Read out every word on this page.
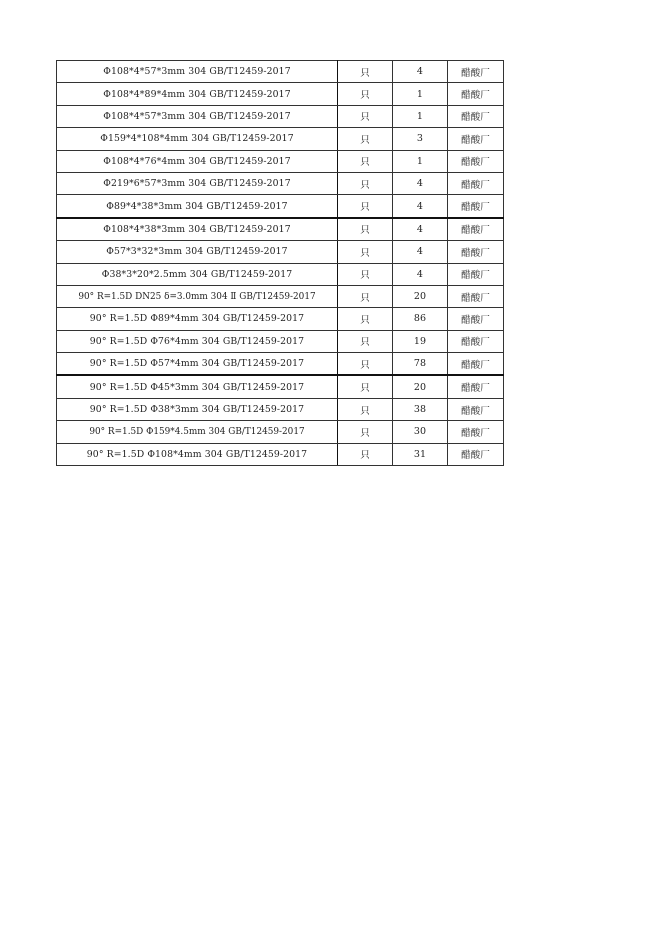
Φ108*4*57*3mm 304 GB/T12459-2017	只	4	醋酸厂
Φ108*4*89*4mm 304 GB/T12459-2017	只	1	醋酸厂
Φ108*4*57*3mm 304 GB/T12459-2017	只	1	醋酸厂
Φ159*4*108*4mm 304 GB/T12459-2017	只	3	醋酸厂
Φ108*4*76*4mm 304 GB/T12459-2017	只	1	醋酸厂
Φ219*6*57*3mm 304 GB/T12459-2017	只	4	醋酸厂
Φ89*4*38*3mm 304 GB/T12459-2017	只	4	醋酸厂
Φ108*4*38*3mm 304 GB/T12459-2017	只	4	醋酸厂
Φ57*3*32*3mm 304 GB/T12459-2017	只	4	醋酸厂
Φ38*3*20*2.5mm 304 GB/T12459-2017	只	4	醋酸厂
90° R=1.5D DN25 δ=3.0mm 304 Ⅱ GB/T12459-2017	只	20	醋酸厂
90° R=1.5D Φ89*4mm 304 GB/T12459-2017	只	86	醋酸厂
90° R=1.5D Φ76*4mm 304 GB/T12459-2017	只	19	醋酸厂
90° R=1.5D Φ57*4mm 304 GB/T12459-2017	只	78	醋酸厂
90° R=1.5D Φ45*3mm 304 GB/T12459-2017	只	20	醋酸厂
90° R=1.5D Φ38*3mm 304 GB/T12459-2017	只	38	醋酸厂
90° R=1.5D Φ159*4.5mm 304 GB/T12459-2017	只	30	醋酸厂
90° R=1.5D Φ108*4mm 304 GB/T12459-2017	只	31	醋酸厂
